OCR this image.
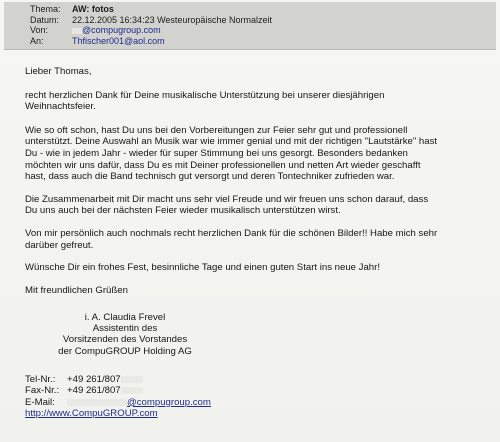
Thema:	AW: fotos
Datum:	22.12.2005 16:34:23 Westeuropäische Normalzeit
Von:	@compugroup.com
An:	Thfischer001@aol.com

Lieber Thomas,

recht herzlichen Dank für Deine musikalische Unterstützung bei unserer diesjährigen
Weihnachtsfeier.

Wie so oft schon, hast Du uns bei den Vorbereitungen zur Feier sehr gut und professionell
unterstützt. Deine Auswahl an Musik war wie immer genial und mit der richtigen "Lautstärke" hast
Du - wie in jedem Jahr - wieder für super Stimmung bei uns gesorgt. Besonders bedanken
möchten wir uns dafür, dass Du es mit Deiner professionellen und netten Art wieder geschafft
hast, dass auch die Band technisch gut versorgt und deren Tontechniker zufrieden war.

Die Zusammenarbeit mit Dir macht uns sehr viel Freude und wir freuen uns schon darauf, dass
Du uns auch bei der nächsten Feier wieder musikalisch unterstützen wirst.

Von mir persönlich auch nochmals recht herzlichen Dank für die schönen Bilder!! Habe mich sehr
darüber gefreut.

Wünsche Dir ein frohes Fest, besinnliche Tage und einen guten Start ins neue Jahr!

Mit freundlichen Grüßen

i. A. Claudia Frevel
Assistentin des
Vorsitzenden des Vorstandes
der CompuGROUP Holding AG
Tel-Nr.: +49 261/807
Fax-Nr.: +49 261/807
E-Mail:	@compugroup.com
http://www.CompuGROUP.com
